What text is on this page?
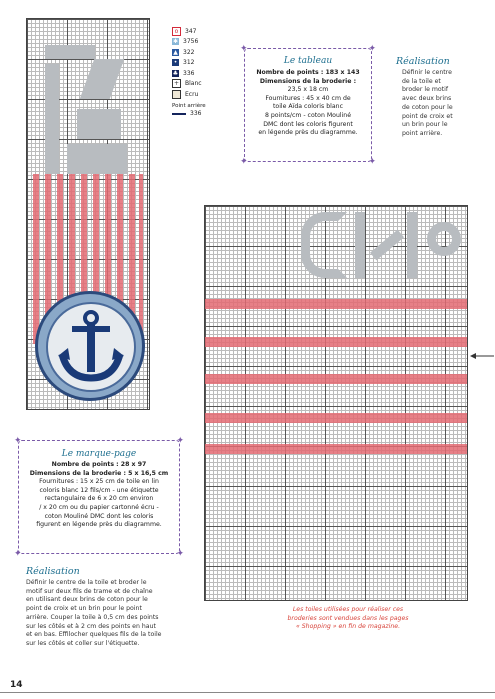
o	347
✱ 3756
▲ 322
• 312
♣ 336
+ Blanc
Ecru
Point arrière
336
✦	✦
✦	✦
Le tableau
Nombre de points : 183 x 143
Dimensions de la broderie :
23,5 x 18 cm
Fournitures : 45 x 40 cm de
toile Aïda coloris blanc
8 points/cm - coton Mouliné
DMC dont les coloris figurent
en légende près du diagramme.
Réalisation
Définir le centre
de la toile et
broder le motif
avec deux brins
de coton pour le
point de croix et
un brin pour le
point arrière.
✦	✦
✦	✦
Le marque-page
Nombre de points : 28 x 97
Dimensions de la broderie : 5 x 16,5 cm
Fournitures : 15 x 25 cm de toile en lin
coloris blanc 12 fils/cm - une étiquette
rectangulaire de 6 x 20 cm environ
/ x 20 cm ou du papier cartonné écru -
coton Mouliné DMC dont les coloris
figurent en légende près du diagramme.
Réalisation
Définir le centre de la toile et broder le
motif sur deux fils de trame et de chaîne
en utilisant deux brins de coton pour le
point de croix et un brin pour le point
arrière. Couper la toile à 0,5 cm des points
sur les côtés et à 2 cm des points en haut
et en bas. Effilocher quelques fils de la toile
sur les côtés et coller sur l'étiquette.
Les toiles utilisées pour réaliser ces
broderies sont vendues dans les pages
« Shopping » en fin de magazine.
14
